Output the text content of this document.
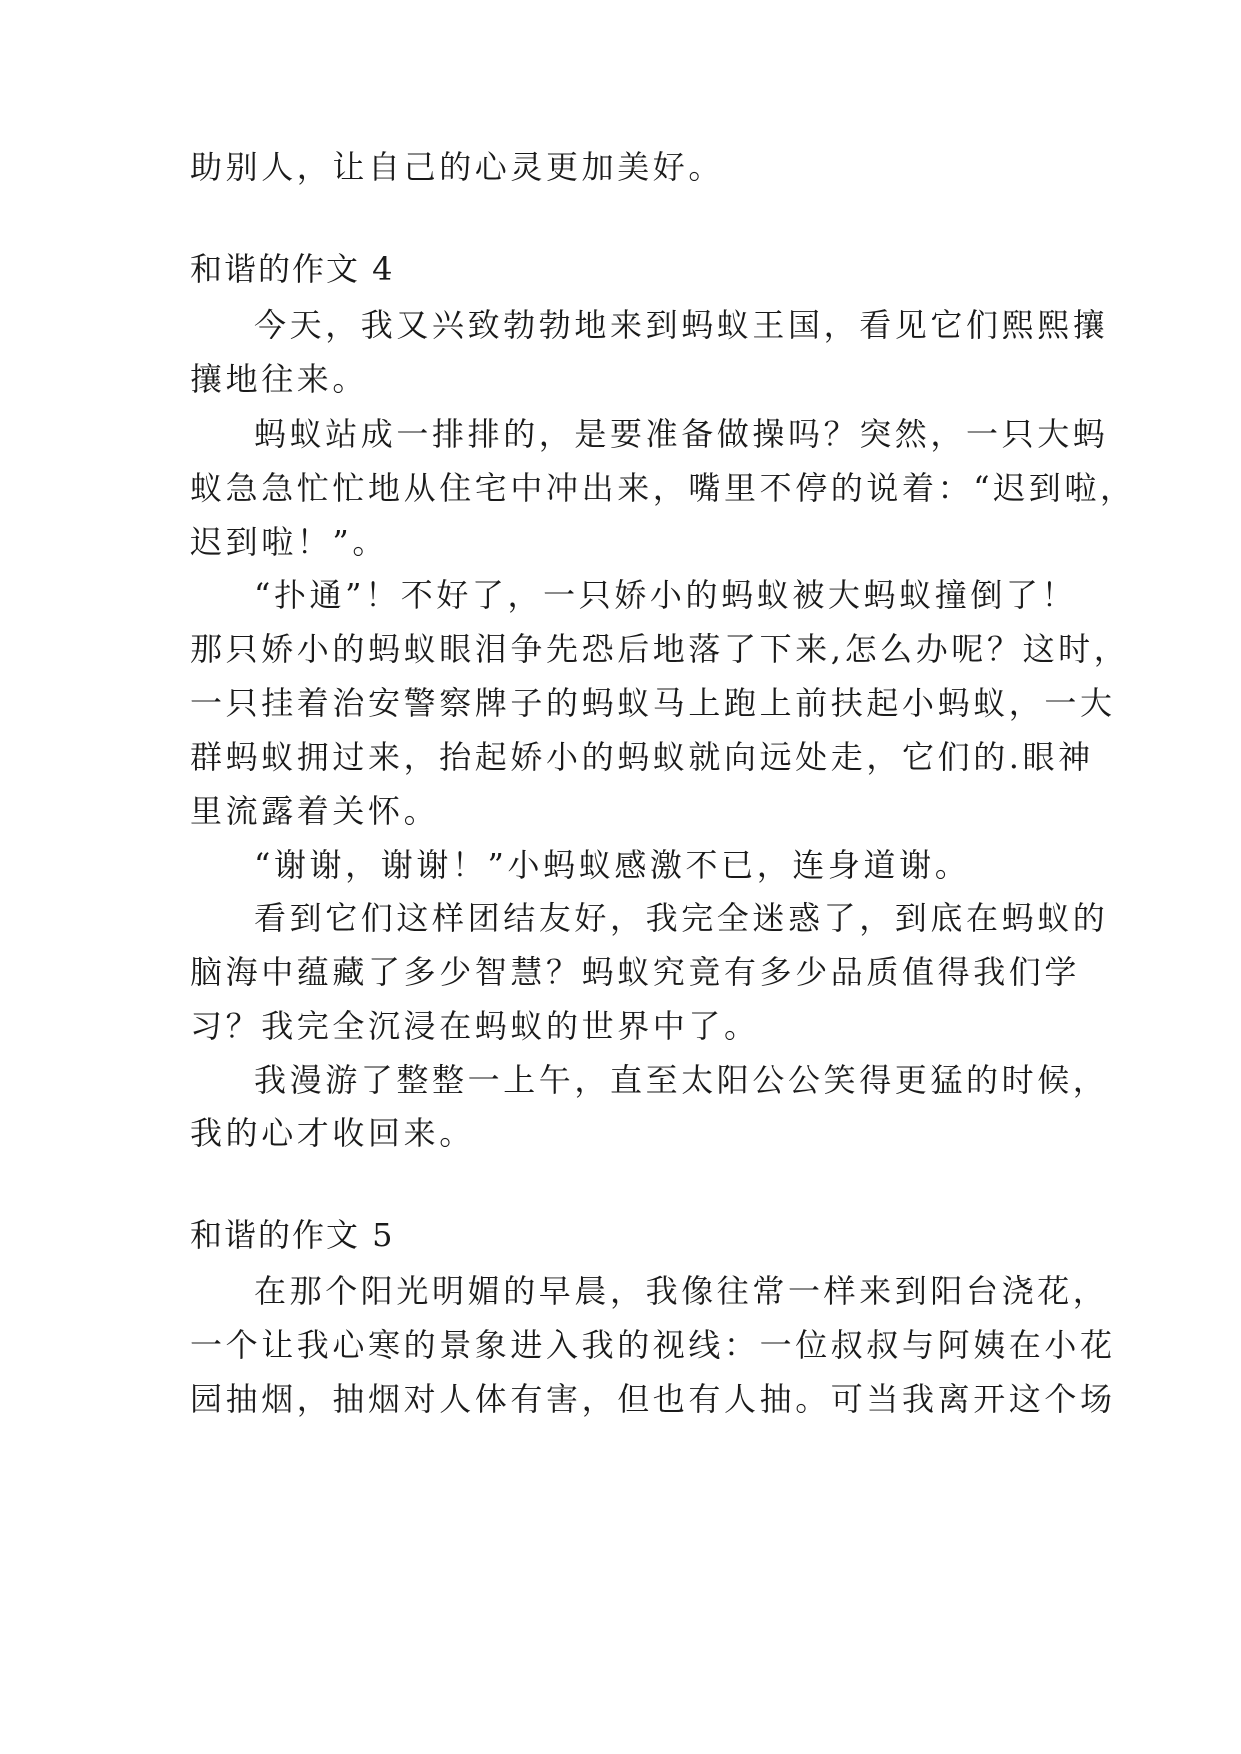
助别人，让自己的心灵更加美好。
和谐的作文 4
今天，我又兴致勃勃地来到蚂蚁王国，看见它们熙熙攘
攘地往来。
蚂蚁站成一排排的，是要准备做操吗？突然，一只大蚂
蚁急急忙忙地从住宅中冲出来，嘴里不停的说着：“迟到啦，
迟到啦！”。
“扑通”！不好了，一只娇小的蚂蚁被大蚂蚁撞倒了！
那只娇小的蚂蚁眼泪争先恐后地落了下来,怎么办呢？这时，
一只挂着治安警察牌子的蚂蚁马上跑上前扶起小蚂蚁，一大
群蚂蚁拥过来，抬起娇小的蚂蚁就向远处走，它们的.眼神
里流露着关怀。
“谢谢，谢谢！”小蚂蚁感激不已，连身道谢。
看到它们这样团结友好，我完全迷惑了，到底在蚂蚁的
脑海中蕴藏了多少智慧？蚂蚁究竟有多少品质值得我们学
习？我完全沉浸在蚂蚁的世界中了。
我漫游了整整一上午，直至太阳公公笑得更猛的时候，
我的心才收回来。
和谐的作文 5
在那个阳光明媚的早晨，我像往常一样来到阳台浇花，
一个让我心寒的景象进入我的视线：一位叔叔与阿姨在小花
园抽烟，抽烟对人体有害，但也有人抽。可当我离开这个场
